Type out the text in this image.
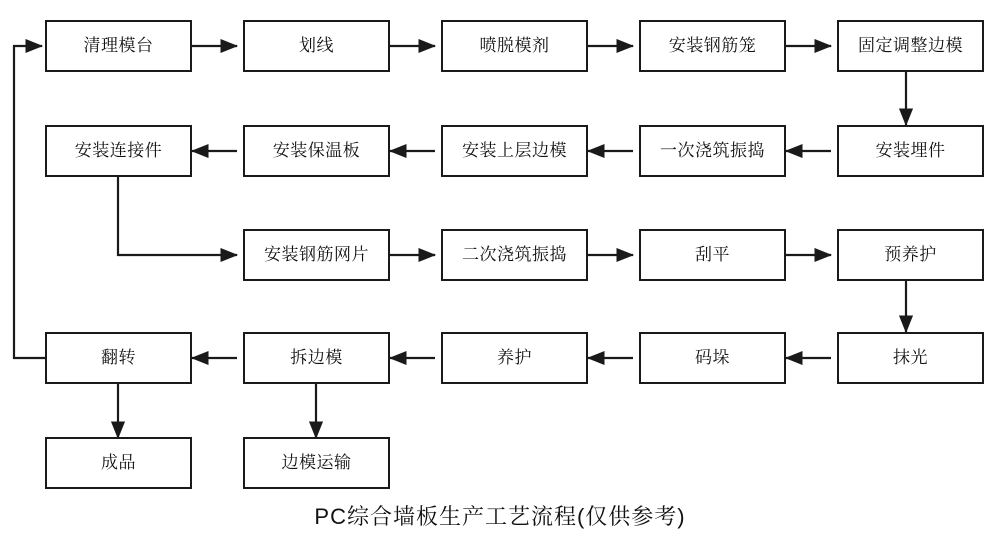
清理模台	划线	喷脱模剂	安装钢筋笼	固定调整边模
安装埋件
一次浇筑振捣
安装上层边模
安装保温板
安装连接件
安装钢筋网片	二次浇筑振捣	刮平	预养护
抹光
码垛
养护
拆边模
翻转
成品	边模运输
PC综合墙板生产工艺流程(仅供参考)
